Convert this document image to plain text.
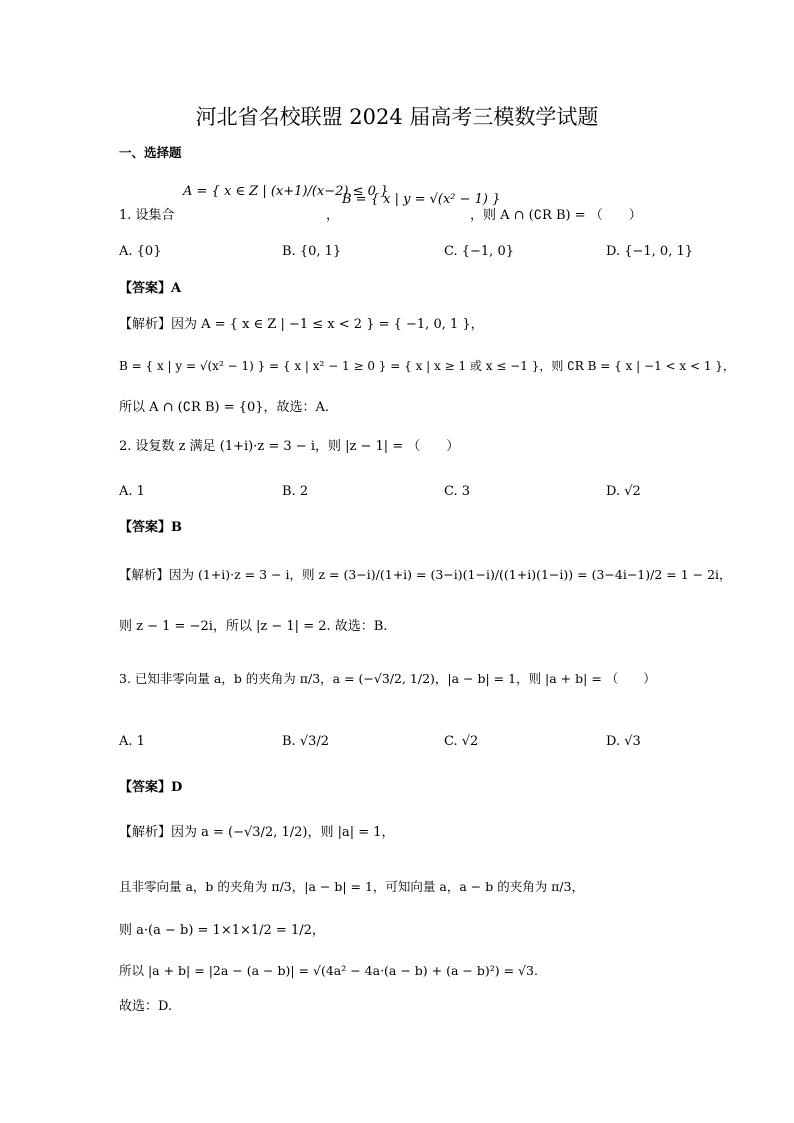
河北省名校联盟 2024 届高考三模数学试题
一、选择题
1. 设集合
A = { x ∈ Z | (x+1)/(x−2) ≤ 0 }
，
B = { x | y = √(x² − 1) }
，则 A ∩ (∁R B) = （　　）
A. {0}	B. {0, 1}	C. {−1, 0}	D. {−1, 0, 1}
【答案】A
【解析】因为 A = { x ∈ Z | −1 ≤ x < 2 } = { −1, 0, 1 }，
B = { x | y = √(x² − 1) } = { x | x² − 1 ≥ 0 } = { x | x ≥ 1 或 x ≤ −1 }，则 ∁R B = { x | −1 < x < 1 }，
所以 A ∩ (∁R B) = {0}，故选：A.
2. 设复数 z 满足 (1+i)·z = 3 − i，则 |z − 1| = （　　）
A. 1	B. 2	C. 3	D. √2
【答案】B
【解析】因为 (1+i)·z = 3 − i，则 z = (3−i)/(1+i) = (3−i)(1−i)/((1+i)(1−i)) = (3−4i−1)/2 = 1 − 2i，
则 z − 1 = −2i，所以 |z − 1| = 2. 故选：B.
3. 已知非零向量 a，b 的夹角为 π/3，a = (−√3/2, 1/2)，|a − b| = 1，则 |a + b| = （　　）
A. 1	B. √3/2	C. √2	D. √3
【答案】D
【解析】因为 a = (−√3/2, 1/2)，则 |a| = 1，
且非零向量 a，b 的夹角为 π/3，|a − b| = 1，可知向量 a，a − b 的夹角为 π/3，
则 a·(a − b) = 1×1×1/2 = 1/2，
所以 |a + b| = |2a − (a − b)| = √(4a² − 4a·(a − b) + (a − b)²) = √3.
故选：D.
